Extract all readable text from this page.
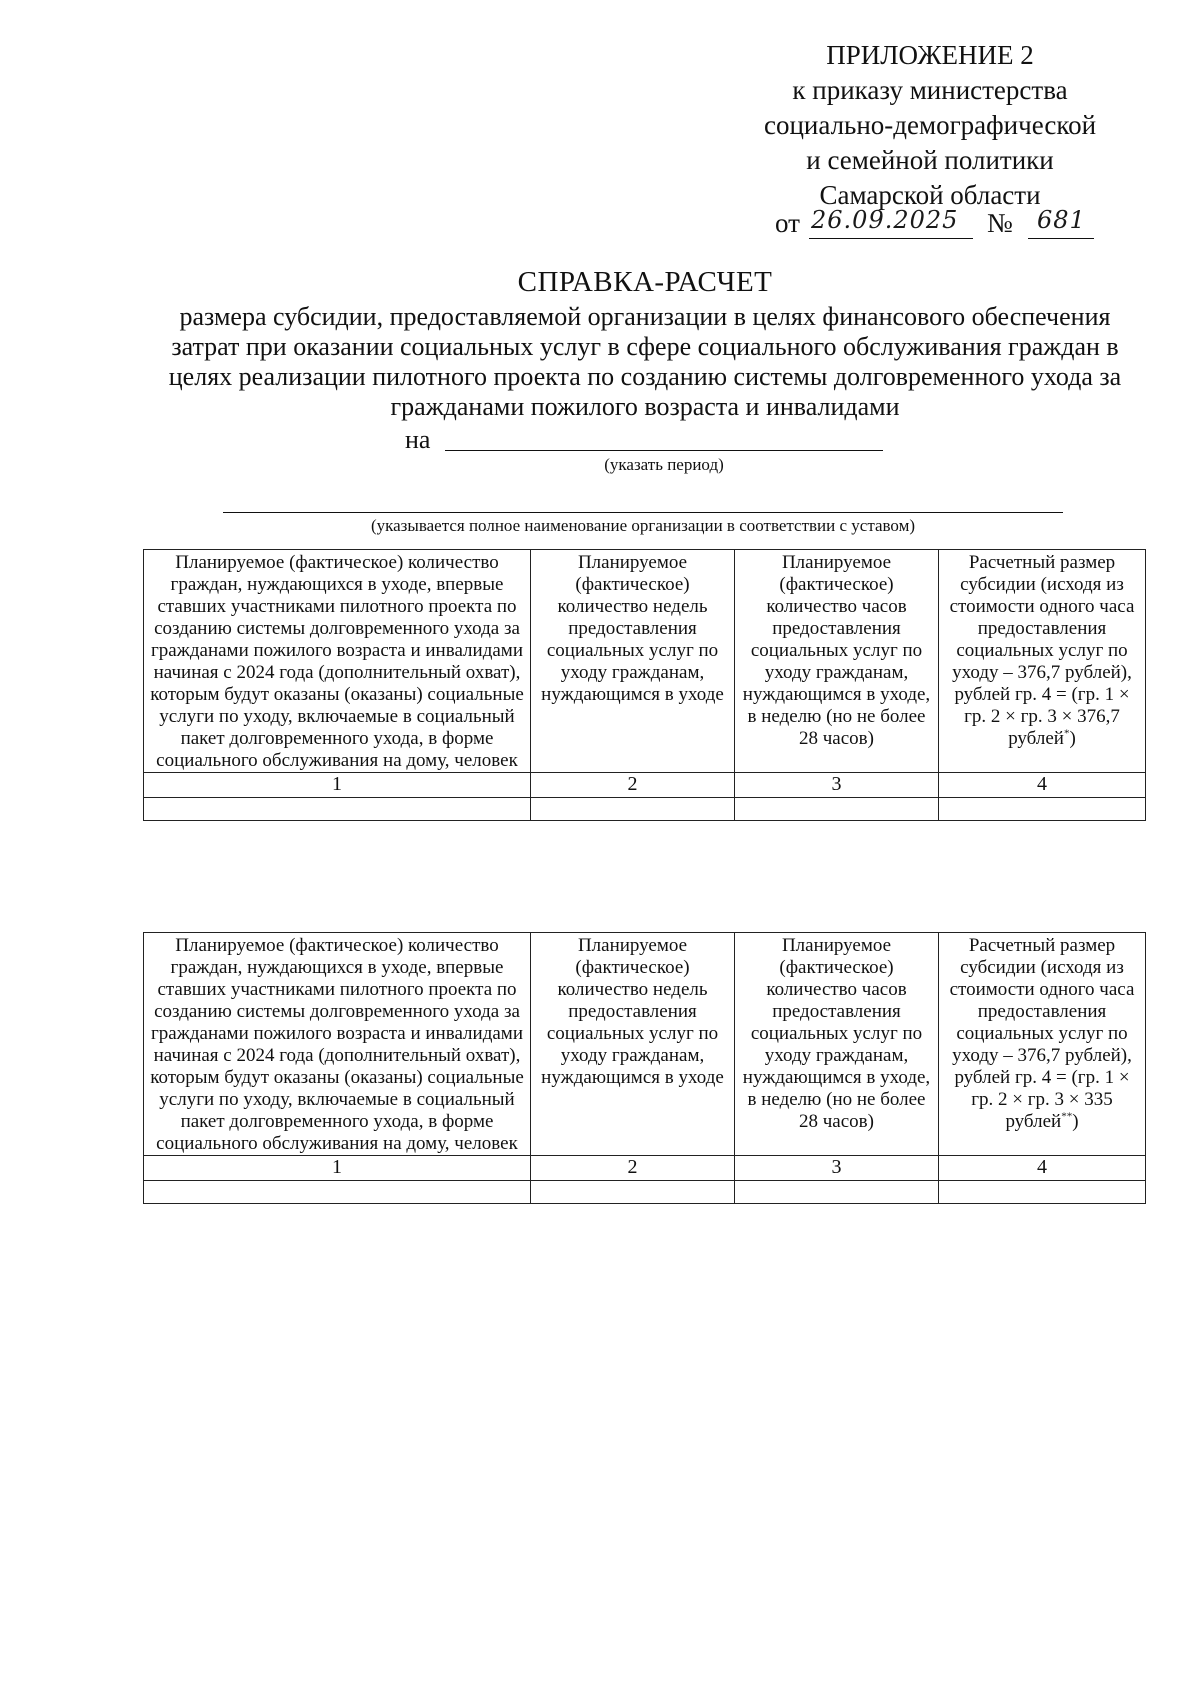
ПРИЛОЖЕНИЕ 2
к приказу министерства
социально-демографической
и семейной политики
Самарской области
от 26.09.2025 № 681
СПРАВКА-РАСЧЕТ
размера субсидии, предоставляемой организации в целях финансового обеспечения затрат при оказании социальных услуг в сфере социального обслуживания граждан в целях реализации пилотного проекта по созданию системы долговременного ухода за гражданами пожилого возраста и инвалидами
на
(указать период)
(указывается полное наименование организации в соответствии с уставом)
Планируемое (фактическое) количество граждан, нуждающихся в уходе, впервые ставших участниками пилотного проекта по созданию системы долговременного ухода за гражданами пожилого возраста и инвалидами начиная с 2024 года (дополнительный охват), которым будут оказаны (оказаны) социальные услуги по уходу, включаемые в социальный пакет долговременного ухода, в форме социального обслуживания на дому, человек	Планируемое (фактическое) количество недель предоставления социальных услуг по уходу гражданам, нуждающимся в уходе	Планируемое (фактическое) количество часов предоставления социальных услуг по уходу гражданам, нуждающимся в уходе, в неделю (но не более 28 часов)	Расчетный размер субсидии (исходя из стоимости одного часа предоставления социальных услуг по уходу – 376,7 рублей), рублей гр. 4 = (гр. 1 × гр. 2 × гр. 3 × 376,7 рублей*)
1	2	3	4

Планируемое (фактическое) количество граждан, нуждающихся в уходе, впервые ставших участниками пилотного проекта по созданию системы долговременного ухода за гражданами пожилого возраста и инвалидами начиная с 2024 года (дополнительный охват), которым будут оказаны (оказаны) социальные услуги по уходу, включаемые в социальный пакет долговременного ухода, в форме социального обслуживания на дому, человек	Планируемое (фактическое) количество недель предоставления социальных услуг по уходу гражданам, нуждающимся в уходе	Планируемое (фактическое) количество часов предоставления социальных услуг по уходу гражданам, нуждающимся в уходе, в неделю (но не более 28 часов)	Расчетный размер субсидии (исходя из стоимости одного часа предоставления социальных услуг по уходу – 376,7 рублей), рублей гр. 4 = (гр. 1 × гр. 2 × гр. 3 × 335 рублей**)
1	2	3	4
